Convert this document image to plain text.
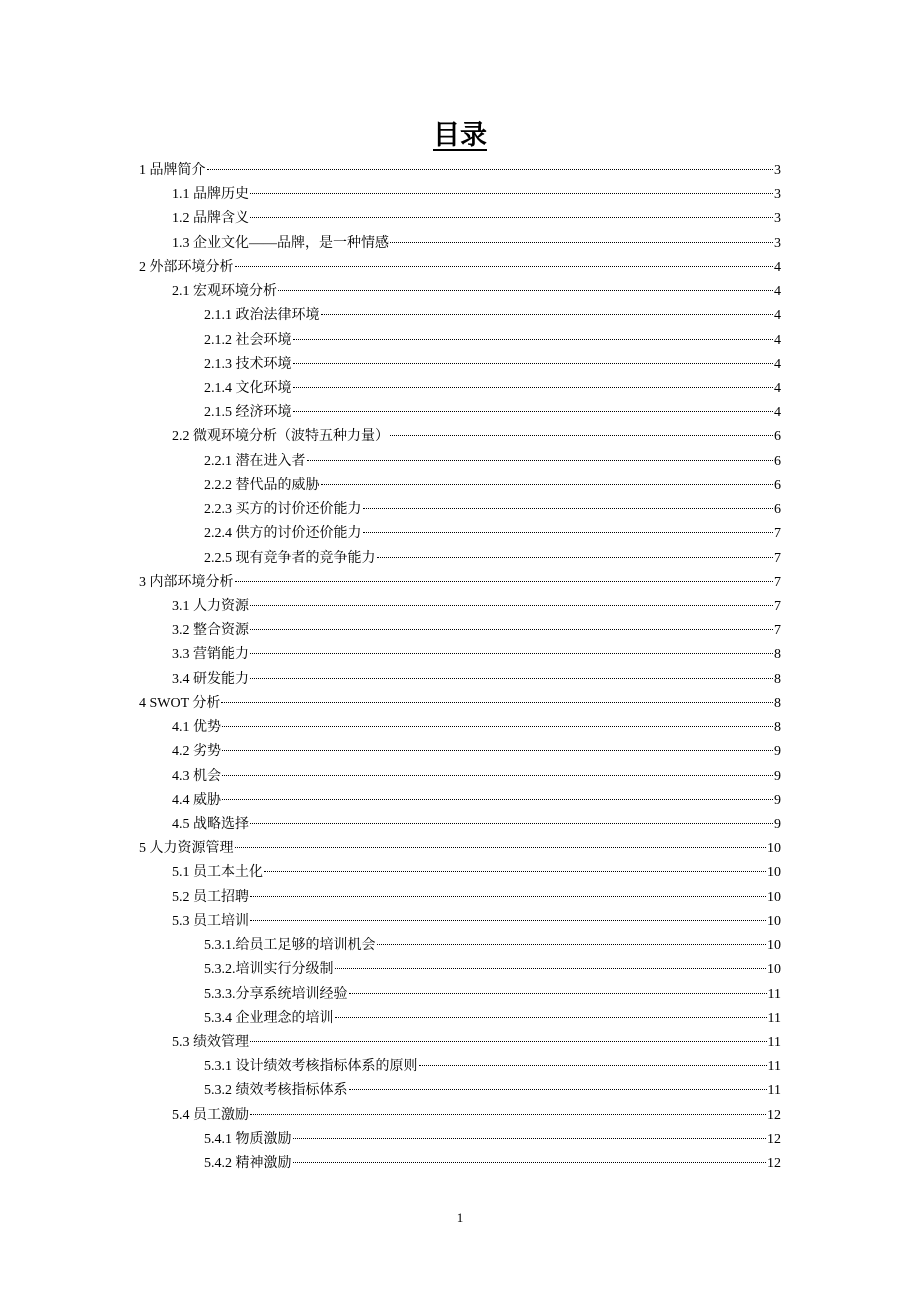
目录
1 品牌简介	3
1.1 品牌历史	3
1.2 品牌含义	3
1.3 企业文化——品牌，是一种情感	3
2 外部环境分析	4
2.1 宏观环境分析	4
2.1.1 政治法律环境	4
2.1.2 社会环境	4
2.1.3 技术环境	4
2.1.4 文化环境	4
2.1.5 经济环境	4
2.2 微观环境分析（波特五种力量）	6
2.2.1 潜在进入者	6
2.2.2 替代品的威胁	6
2.2.3 买方的讨价还价能力	6
2.2.4 供方的讨价还价能力	7
2.2.5 现有竞争者的竞争能力	7
3 内部环境分析	7
3.1 人力资源	7
3.2 整合资源	7
3.3 营销能力	8
3.4 研发能力	8
4 SWOT 分析	8
4.1 优势	8
4.2 劣势	9
4.3 机会	9
4.4 威胁	9
4.5 战略选择	9
5 人力资源管理	10
5.1 员工本土化	10
5.2 员工招聘	10
5.3 员工培训	10
5.3.1.给员工足够的培训机会	10
5.3.2.培训实行分级制	10
5.3.3.分享系统培训经验	11
5.3.4 企业理念的培训	11
5.3 绩效管理	11
5.3.1 设计绩效考核指标体系的原则	11
5.3.2 绩效考核指标体系	11
5.4 员工激励	12
5.4.1 物质激励	12
5.4.2 精神激励	12
1
